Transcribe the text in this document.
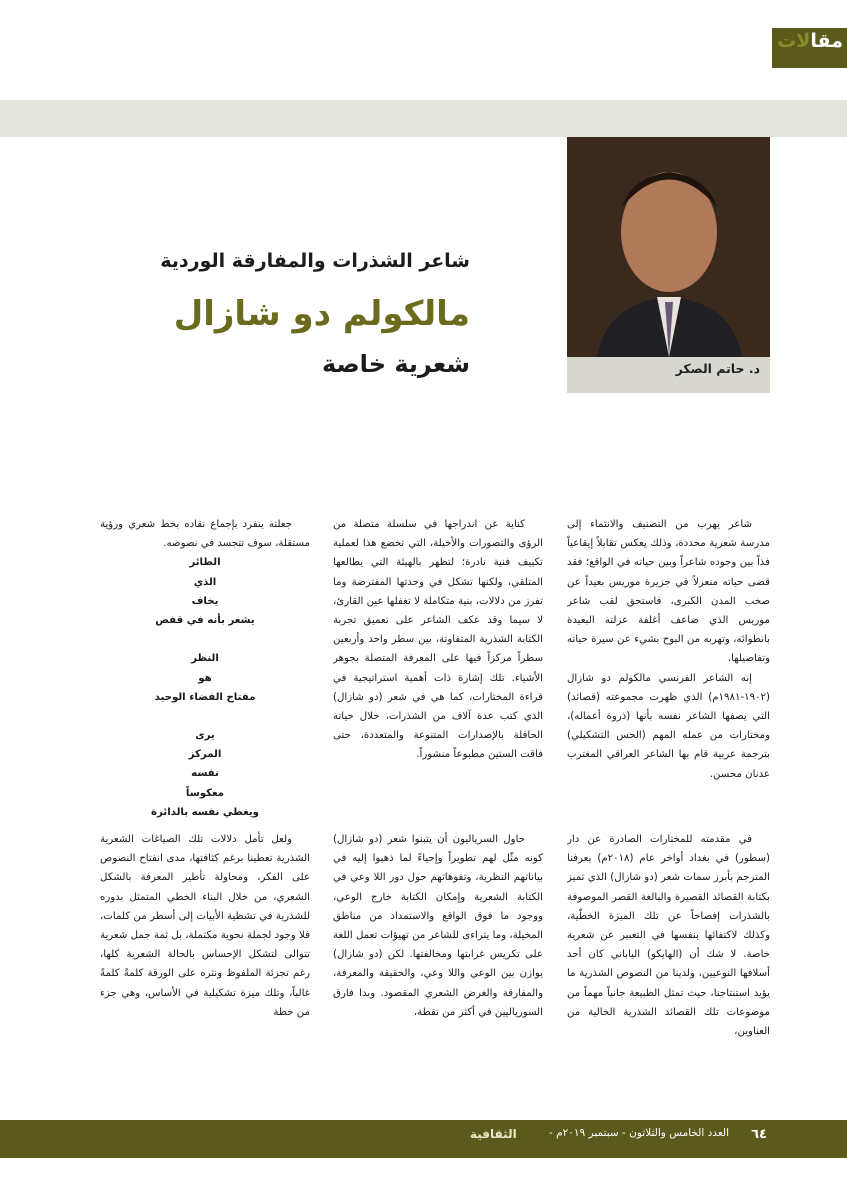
مقالات
د. حاتم الصكر

شاعر الشذرات والمفارقة الوردية

مالكولم دو شازال

شعرية خاصة

شاعر يهرب من التصنيف والانتماء إلى مدرسة شعرية محددة، وذلك يعكس تقابلاً إيقاعياً فذاً بين وجوده شاعراً وبين حياته في الواقع؛ فقد قضى حياته منعزلاً في جزيرة موريس بعيداً عن صخب المدن الكبرى، فاستحق لقب شاعر موريس الذي ضاعف أغلفة عزلته البعيدة بانطوائه، وتهربه من البوح بشيء عن سيرة حياته وتفاصيلها.

إنه الشاعر الفرنسي مالكولم دو شازال (١٩٠٢-١٩٨١م) الذي ظهرت مجموعته (قصائد) التي يصفها الشاعر نفسه بأنها (ذروة أعماله)، ومختارات من عمله المهم (الحس التشكيلي) بترجمة عربية قام بها الشاعر العراقي المغترب عدنان محسن.

كناية عن اندراجها في سلسلة متصلة من الرؤى والتصورات والأخيلة، التي تخضع هذا لعملية تكييف فنية نادرة؛ لتظهر بالهيئة التي يطالعها المتلقي، ولكنها تشكل في وحدتها المفترضة وما تفرز من دلالات، بنية متكاملة لا تغفلها عين القارئ، لا سيما وقد عكف الشاعر على تعميق تجربة الكتابة الشذرية المتفاوتة، بين سطر واحد وأربعين سطراً مركزاً فيها على المعرفة المتصلة بجوهر الأشياء. تلك إشارة ذات أهمية استراتيجية في قراءة المختارات، كما هي في شعر (دو شازال) الذي كتب عدة آلاف من الشذرات، خلال حياته الحافلة بالإصدارات المتنوعة والمتعددة، حتى فاقت الستين مطبوعاً منشوراً.

جعلته ينفرد بإجماع نقاده بخط شعري ورؤية مستقلة، سوف تتجسد في نصوصه.

الطائر
الذي
يخاف
يشعر بأنه في قفص
النظر
هو
مفتاح الفضاء الوحيد
يرى
المركز
نفسه
معكوساً
ويغطي نفسه بالدائرة

في مقدمته للمختارات الصادرة عن دار (سطور) في بغداد أواخر عام (٢٠١٨م) يعرفنا المترجم بأبرز سمات شعر (دو شازال) الذي تميز بكتابة القصائد القصيرة والبالغة القصر الموصوفة بالشذرات إفصاحاً عن تلك الميزة الخطّية، وكذلك لاكتفائها بنفسها في التعبير عن شعرية خاصة. لا شك أن (الهايكو) الياباني كان أحد أسلافها النوعيين، ولدينا من النصوص الشذرية ما يؤيد استنتاجنا، حيث تمثل الطبيعة جانباً مهماً من موضوعات تلك القصائد الشذرية الخالية من العناوين،

حاول السرياليون أن يتبنوا شعر (دو شازال) كونه مثّل لهم تطويراً وإحياءً لما ذهبوا إليه في بياناتهم النظرية، وتفوهاتهم حول دور اللا وعي في الكتابة الشعرية وإمكان الكتابة خارج الوعي، ووجود ما فوق الواقع والاستمداد من مناطق المخيلة، وما يتراءى للشاعر من تهيؤات تعمل اللغة على تكريس غرابتها ومخالفتها. لكن (دو شازال) يوازن بين الوعي واللا وعي، والحقيقة والمعرفة، والمفارقة والغرض الشعري المقصود. وبدا فارق السورياليين في أكثر من نقطة،

ولعل تأمل دلالات تلك الصياغات الشعرية الشذرية تعطينا برغم كثافتها، مدى انفتاح النصوص على الفكر، ومحاولة تأطير المعرفة بالشكل الشعري، من خلال البناء الخطي المتمثل بدوره للشذرية في تشظية الأبيات إلى أسطر من كلمات، فلا وجود لجملة نحوية مكتملة، بل ثمة جمل شعرية تتوالى لتشكل الإحساس بالحالة الشعرية كلها، رغم تجزئة الملفوظ ونثره على الورقة كلمةً كلمةً غالباً، وتلك ميزة تشكيلية في الأساس، وهي جزء من خطة

٦٤
العدد الخامس والثلاثون - سبتمبر ٢٠١٩م -
الثقافية
